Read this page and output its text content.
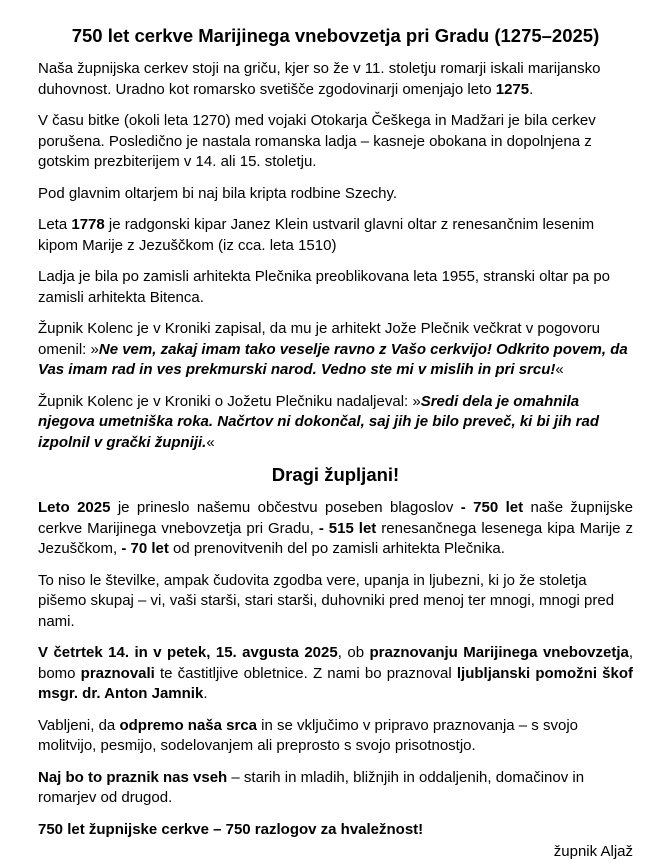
750 let cerkve Marijinega vnebovzetja pri Gradu (1275–2025)

Naša župnijska cerkev stoji na griču, kjer so že v 11. stoletju romarji iskali marijansko duhovnost. Uradno kot romarsko svetišče zgodovinarji omenjajo leto 1275.

V času bitke (okoli leta 1270) med vojaki Otokarja Češkega in Madžari je bila cerkev porušena. Posledično je nastala romanska ladja – kasneje obokana in dopolnjena z gotskim prezbiterijem v 14. ali 15. stoletju.

Pod glavnim oltarjem bi naj bila kripta rodbine Szechy.

Leta 1778 je radgonski kipar Janez Klein ustvaril glavni oltar z renesančnim lesenim kipom Marije z Jezuščkom (iz cca. leta 1510)

Ladja je bila po zamisli arhitekta Plečnika preoblikovana leta 1955, stranski oltar pa po zamisli arhitekta Bitenca.

Župnik Kolenc je v Kroniki zapisal, da mu je arhitekt Jože Plečnik večkrat v pogovoru omenil: »Ne vem, zakaj imam tako veselje ravno z Vašo cerkvijo! Odkrito povem, da Vas imam rad in ves prekmurski narod. Vedno ste mi v mislih in pri srcu!«

Župnik Kolenc je v Kroniki o Jožetu Plečniku nadaljeval: »Sredi dela je omahnila njegova umetniška roka. Načrtov ni dokončal, saj jih je bilo preveč, ki bi jih rad izpolnil v grački župniji.«

Dragi župljani!

Leto 2025 je prineslo našemu občestvu poseben blagoslov - 750 let naše župnijske cerkve Marijinega vnebovzetja pri Gradu, - 515 let renesančnega lesenega kipa Marije z Jezuščkom, - 70 let od prenovitvenih del po zamisli arhitekta Plečnika.

To niso le številke, ampak čudovita zgodba vere, upanja in ljubezni, ki jo že stoletja pišemo skupaj – vi, vaši starši, stari starši, duhovniki pred menoj ter mnogi, mnogi pred nami.

V četrtek 14. in v petek, 15. avgusta 2025, ob praznovanju Marijinega vnebovzetja, bomo praznovali te častitljive obletnice. Z nami bo praznoval ljubljanski pomožni škof msgr. dr. Anton Jamnik.

Vabljeni, da odpremo naša srca in se vključimo v pripravo praznovanja – s svojo molitvijo, pesmijo, sodelovanjem ali preprosto s svojo prisotnostjo.

Naj bo to praznik nas vseh – starih in mladih, bližnjih in oddaljenih, domačinov in romarjev od drugod.

750 let župnijske cerkve – 750 razlogov za hvaležnost!

župnik Aljaž
